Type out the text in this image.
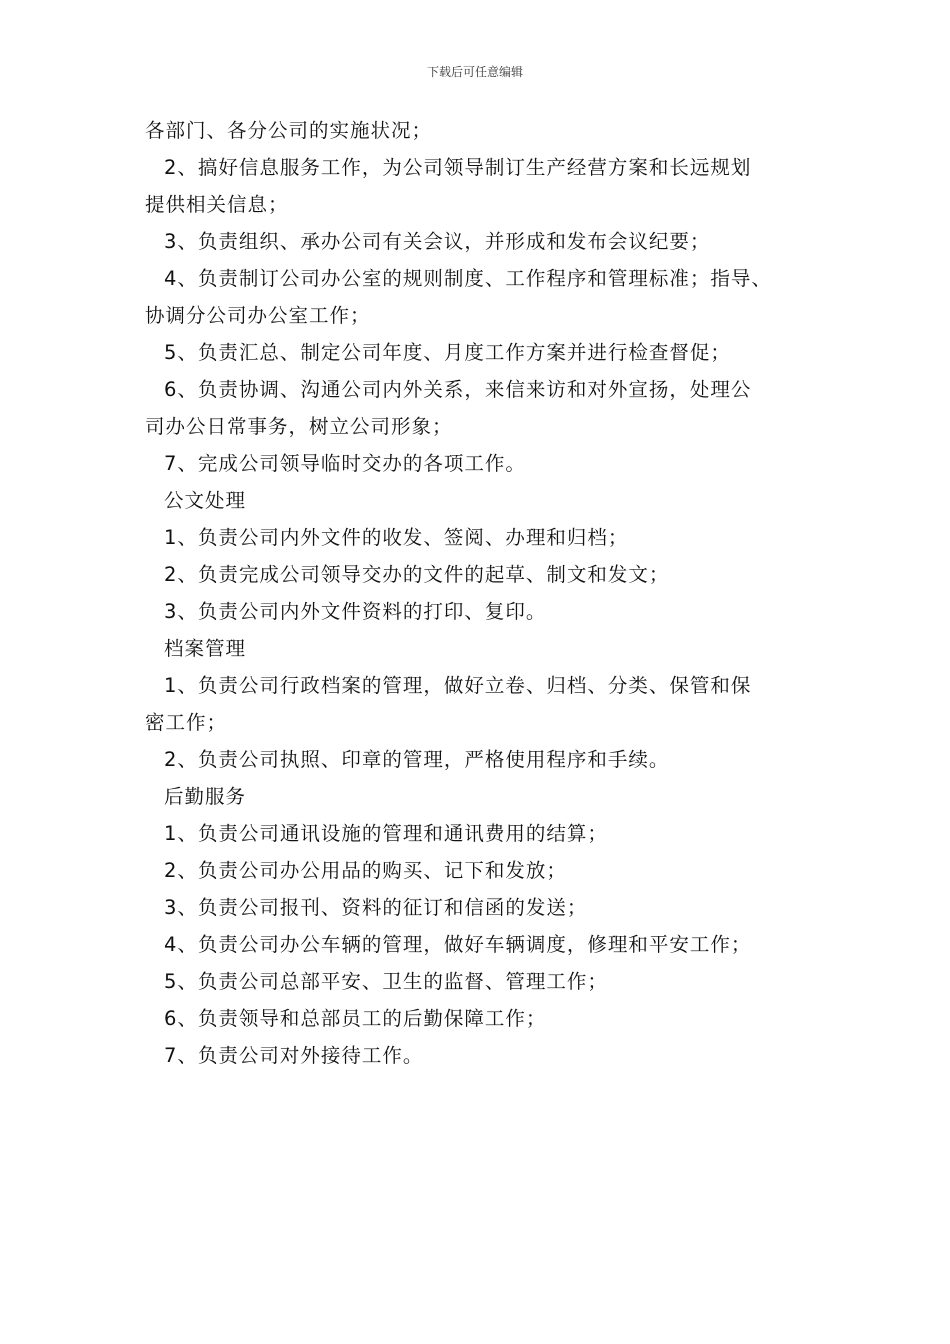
下载后可任意编辑
各部门、各分公司的实施状况；
2、搞好信息服务工作，为公司领导制订生产经营方案和长远规划
提供相关信息；
3、负责组织、承办公司有关会议，并形成和发布会议纪要；
4、负责制订公司办公室的规则制度、工作程序和管理标准；指导、
协调分公司办公室工作；
5、负责汇总、制定公司年度、月度工作方案并进行检查督促；
6、负责协调、沟通公司内外关系，来信来访和对外宣扬，处理公
司办公日常事务，树立公司形象；
7、完成公司领导临时交办的各项工作。
公文处理
1、负责公司内外文件的收发、签阅、办理和归档；
2、负责完成公司领导交办的文件的起草、制文和发文；
3、负责公司内外文件资料的打印、复印。
档案管理
1、负责公司行政档案的管理，做好立卷、归档、分类、保管和保
密工作；
2、负责公司执照、印章的管理，严格使用程序和手续。
后勤服务
1、负责公司通讯设施的管理和通讯费用的结算；
2、负责公司办公用品的购买、记下和发放；
3、负责公司报刊、资料的征订和信函的发送；
4、负责公司办公车辆的管理，做好车辆调度，修理和平安工作；
5、负责公司总部平安、卫生的监督、管理工作；
6、负责领导和总部员工的后勤保障工作；
7、负责公司对外接待工作。
